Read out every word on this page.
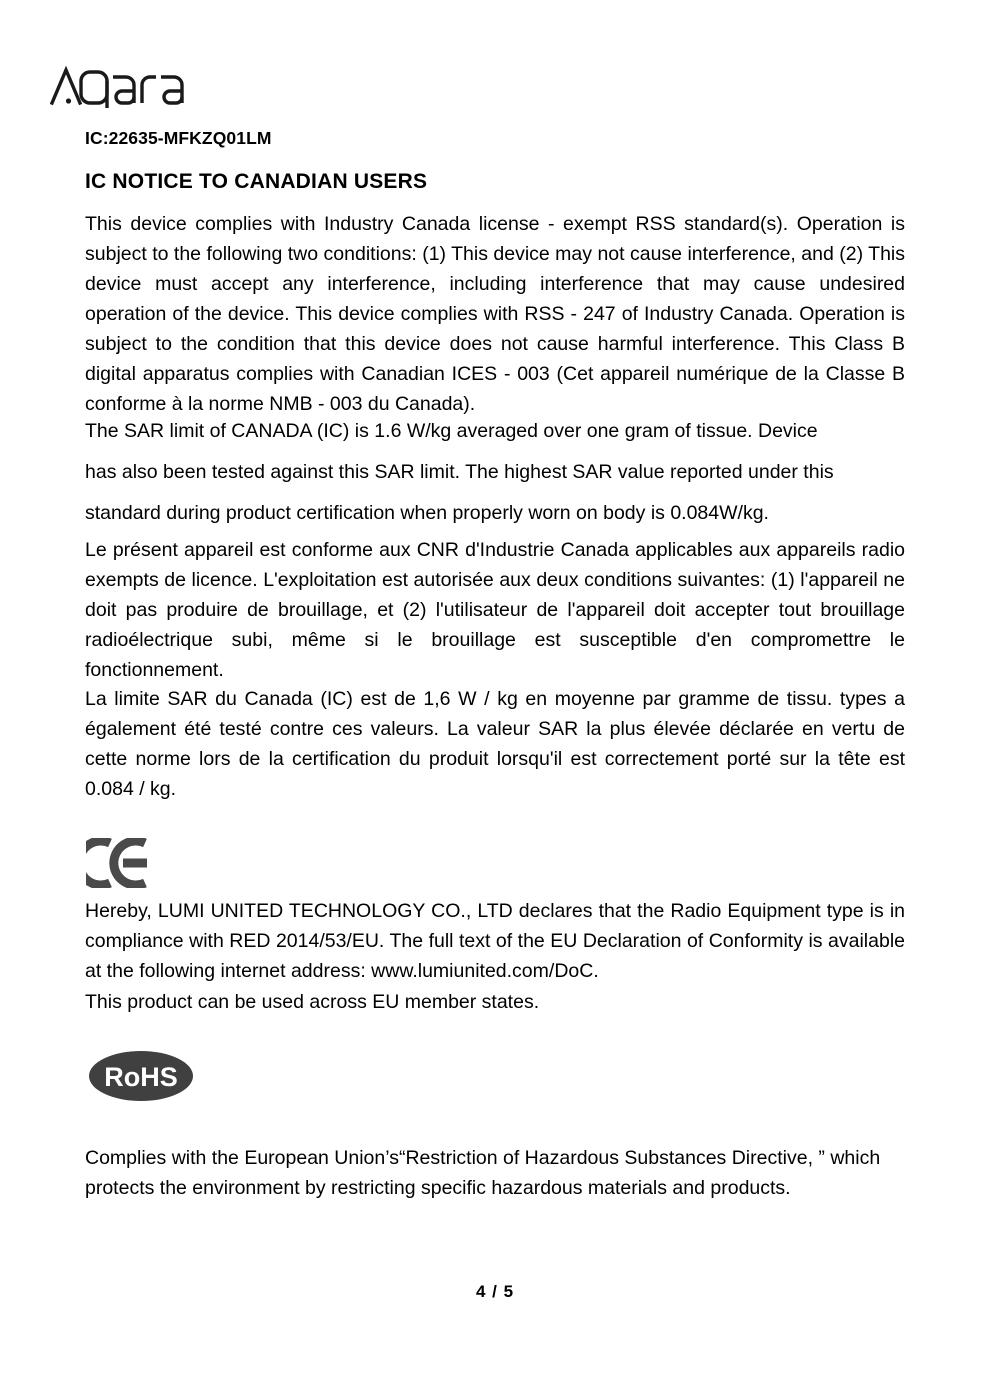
IC:22635-MFKZQ01LM
IC NOTICE TO CANADIAN USERS
This device complies with Industry Canada license ‑ exempt RSS standard(s). Operation is subject to the following two conditions: (1) This device may not cause interference, and (2) This device must accept any interference, including interference that may cause undesired operation of the device. This device complies with RSS ‑ 247 of Industry Canada. Operation is subject to the condition that this device does not cause harmful interference. This Class B digital apparatus complies with Canadian ICES ‑ 003 (Cet appareil numérique de la Classe B conforme à la norme NMB ‑ 003 du Canada).
The SAR limit of CANADA (IC) is 1.6 W/kg averaged over one gram of tissue. Device
has also been tested against this SAR limit. The highest SAR value reported under this
standard during product certification when properly worn on body is 0.084W/kg.
Le présent appareil est conforme aux CNR d'Industrie Canada applicables aux appareils radio exempts de licence. L'exploitation est autorisée aux deux conditions suivantes: (1) l'appareil ne doit pas produire de brouillage, et (2) l'utilisateur de l'appareil doit accepter tout brouillage radioélectrique subi, même si le brouillage est susceptible d'en compromettre le fonctionnement.
La limite SAR du Canada (IC) est de 1,6 W / kg en moyenne par gramme de tissu. types a également été testé contre ces valeurs. La valeur SAR la plus élevée déclarée en vertu de cette norme lors de la certification du produit lorsqu'il est correctement porté sur la tête est 0.084 / kg.
Hereby, LUMI UNITED TECHNOLOGY CO., LTD declares that the Radio Equipment type is in compliance with RED 2014/53/EU. The full text of the EU Declaration of Conformity is available at the following internet address: www.lumiunited.com/DoC.
This product can be used across EU member states.
RoHS
Complies with the European Union’s“Restriction of Hazardous Substances Directive, ” which protects the environment by restricting specific hazardous materials and products.
4 / 5
